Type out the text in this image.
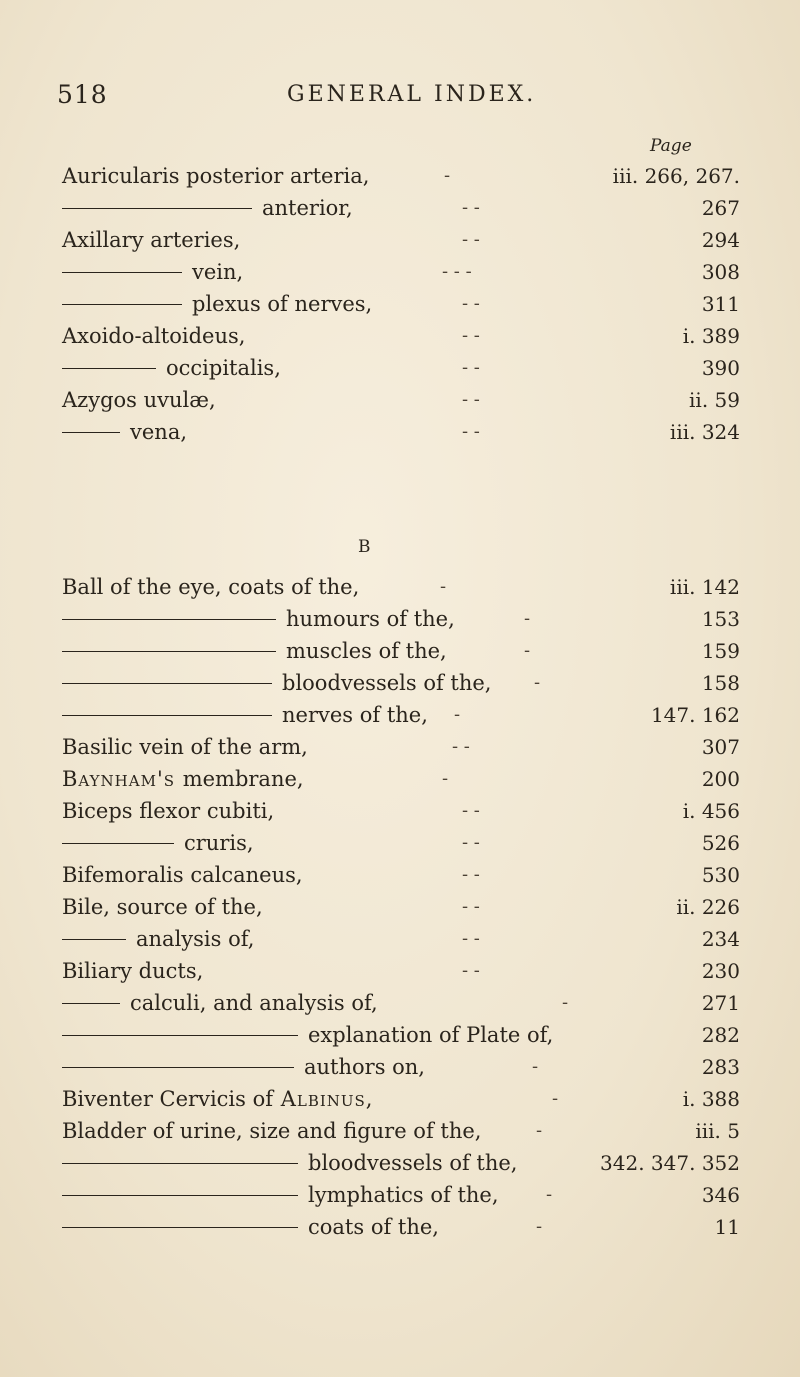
518	GENERAL INDEX.
Page
Auricularis posterior arteria,	-	iii. 266, 267.
anterior,	- -	267
Axillary arteries,	- -	294
vein,	- - -	308
plexus of nerves,	- -	311
Axoido-altoideus,	- -	i. 389
occipitalis,	- -	390
Azygos uvulæ,	- -	ii. 59
vena,	- -	iii. 324
B
Ball of the eye, coats of the,	-	iii. 142
humours of the,	-	153
muscles of the,	-	159
bloodvessels of the, -	158
nerves of the, -	147. 162
Basilic vein of the arm,	- -	307
Baynham's membrane,	-	200
Biceps flexor cubiti,	- -	i. 456
cruris,	- -	526
Bifemoralis calcaneus,	- -	530
Bile, source of the,	- -	ii. 226
analysis of,	- -	234
Biliary ducts,	- -	230
calculi, and analysis of,	-	271
explanation of Plate of,	282
authors on,	-	283
Biventer Cervicis of Albinus,	-	i. 388
Bladder of urine, size and figure of the,	-	iii. 5
bloodvessels of the,	342. 347. 352
lymphatics of the,	-	346
coats of the,	-	11
